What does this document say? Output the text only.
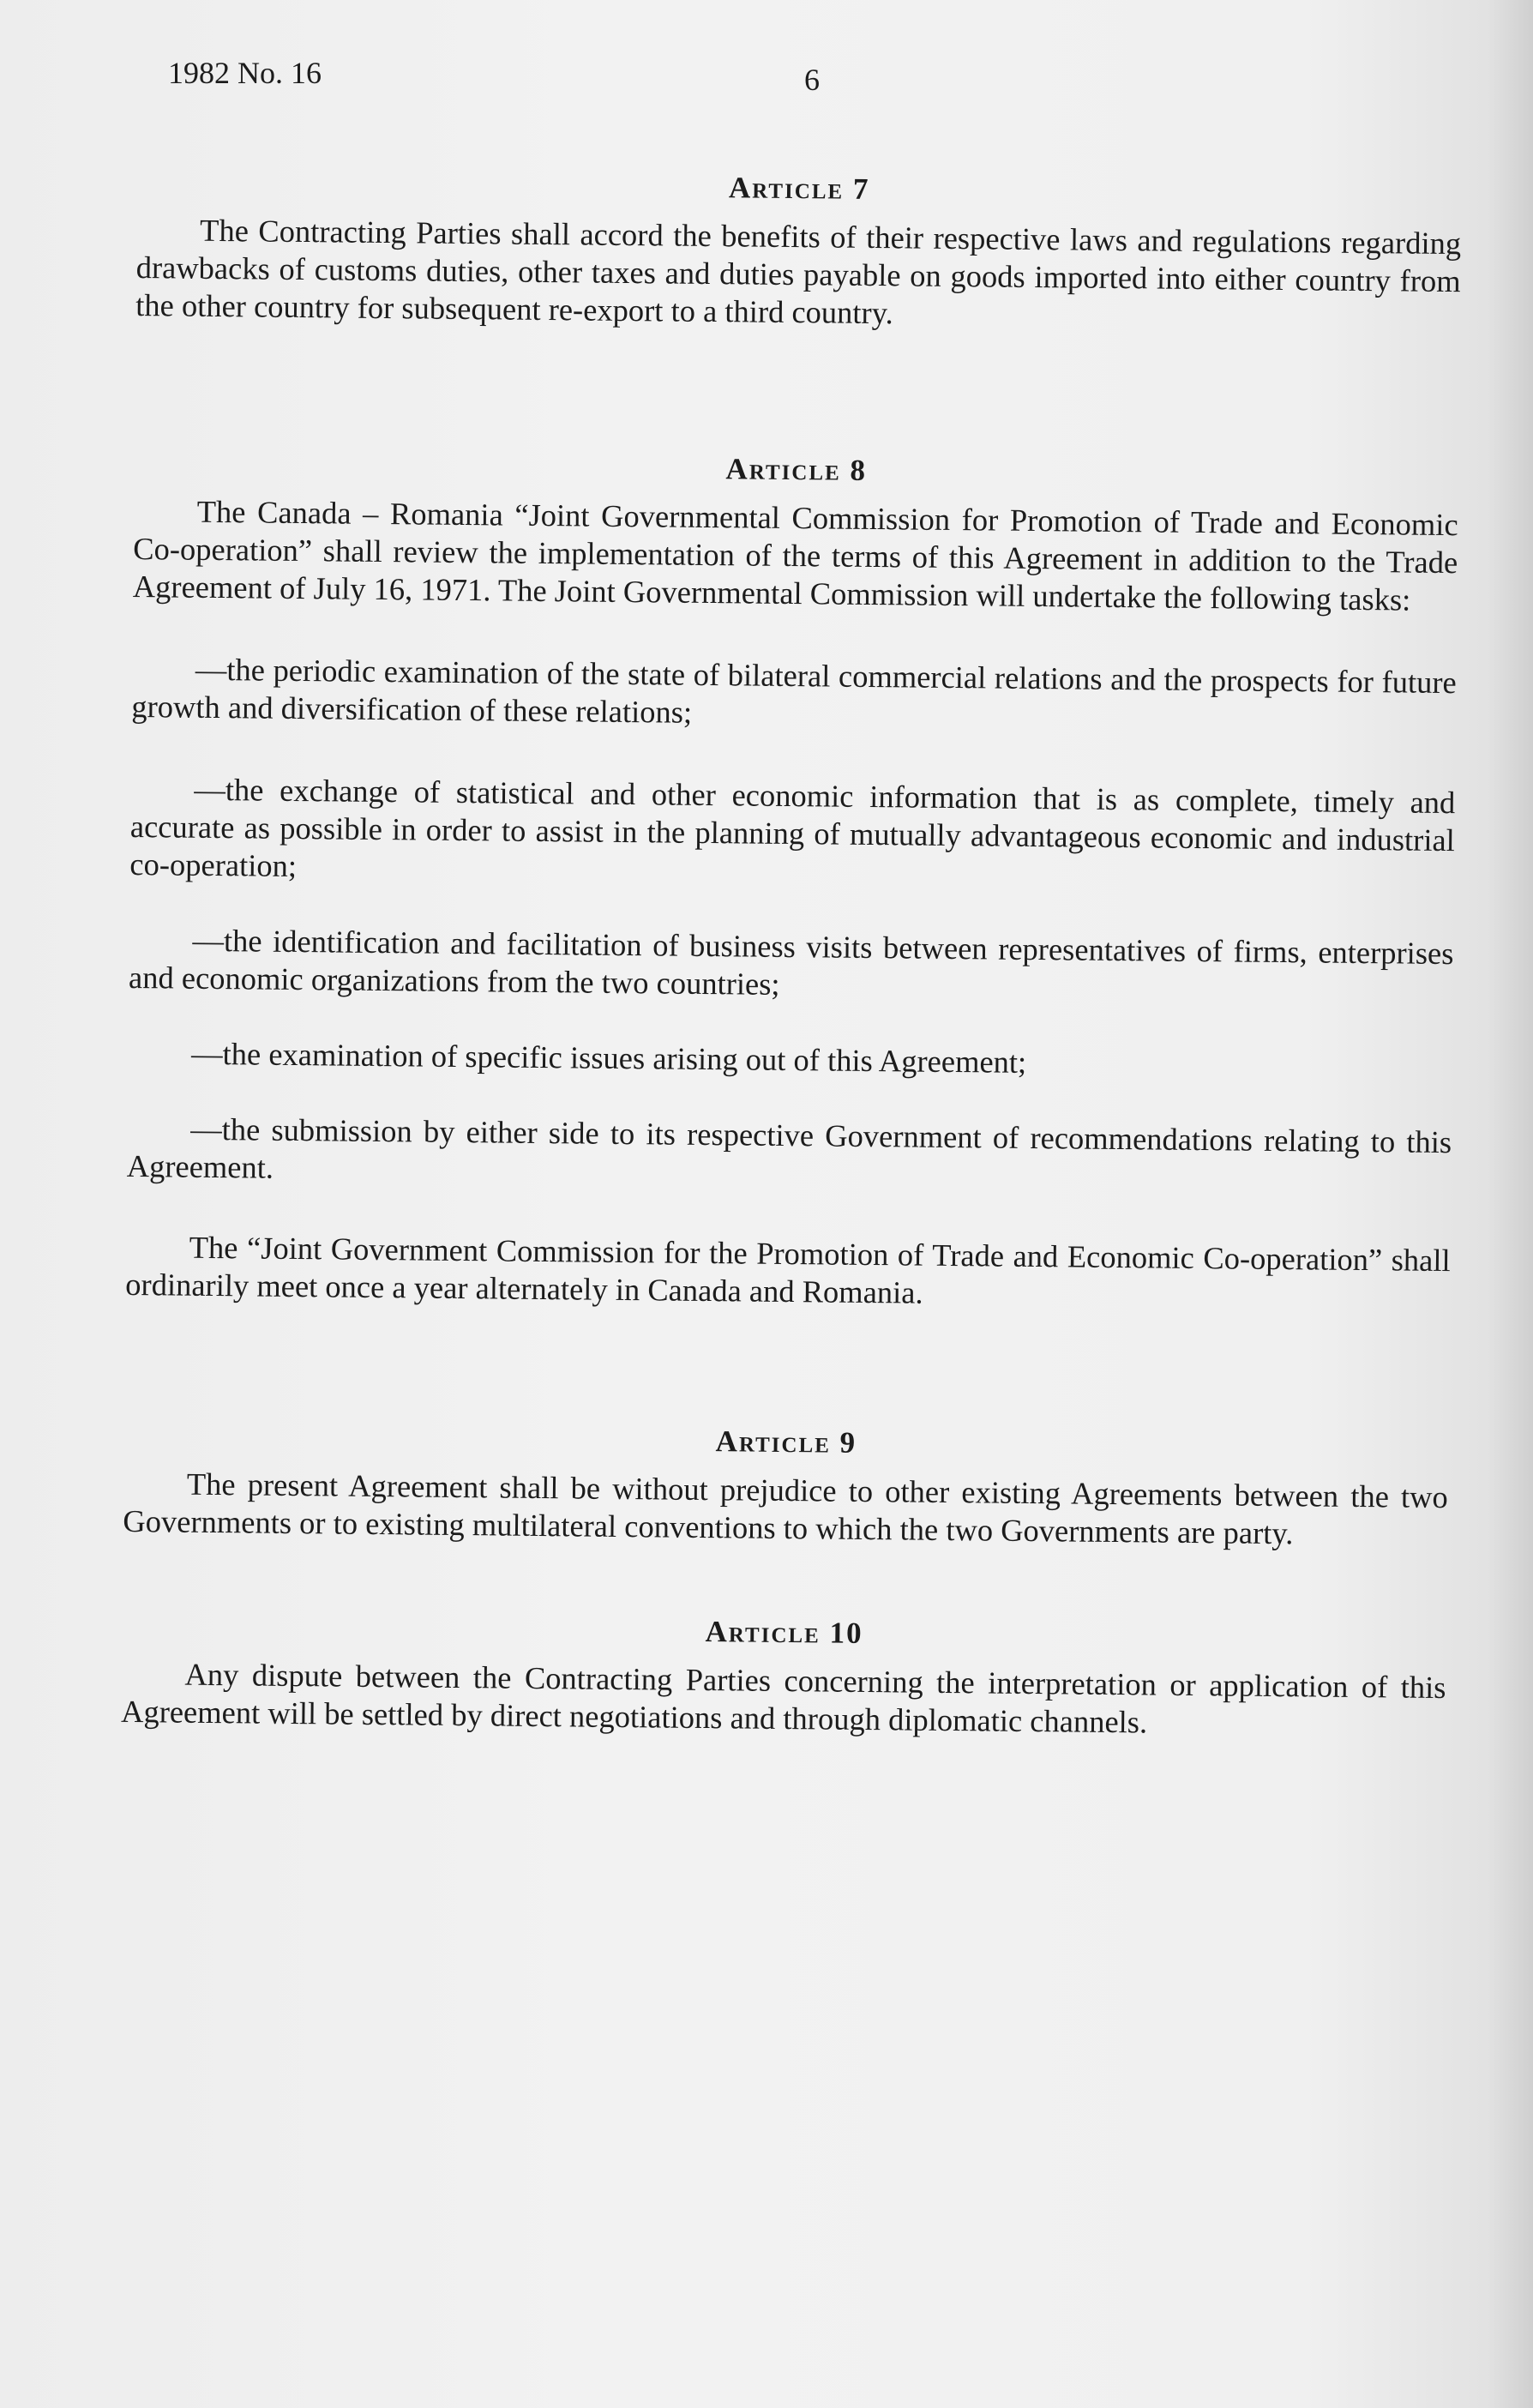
1982 No. 16	6
Article 7

The Contracting Parties shall accord the benefits of their respective laws and regulations regarding drawbacks of customs duties, other taxes and duties payable on goods imported into either country from the other country for subsequent re-export to a third country.

Article 8

The Canada – Romania “Joint Governmental Commission for Promotion of Trade and Economic Co-operation” shall review the implementation of the terms of this Agreement in addition to the Trade Agreement of July 16, 1971. The Joint Governmental Commission will undertake the following tasks:

—the periodic examination of the state of bilateral commercial relations and the prospects for future growth and diversification of these relations;

—the exchange of statistical and other economic information that is as complete, timely and accurate as possible in order to assist in the planning of mutually advantageous economic and industrial co-operation;

—the identification and facilitation of business visits between representatives of firms, enterprises and economic organizations from the two countries;

—the examination of specific issues arising out of this Agreement;

—the submission by either side to its respective Government of recommendations relating to this Agreement.

The “Joint Government Commission for the Promotion of Trade and Economic Co-operation” shall ordinarily meet once a year alternately in Canada and Romania.

Article 9

The present Agreement shall be without prejudice to other existing Agreements between the two Governments or to existing multilateral conventions to which the two Governments are party.

Article 10

Any dispute between the Contracting Parties concerning the interpretation or application of this Agreement will be settled by direct negotiations and through diplomatic channels.
